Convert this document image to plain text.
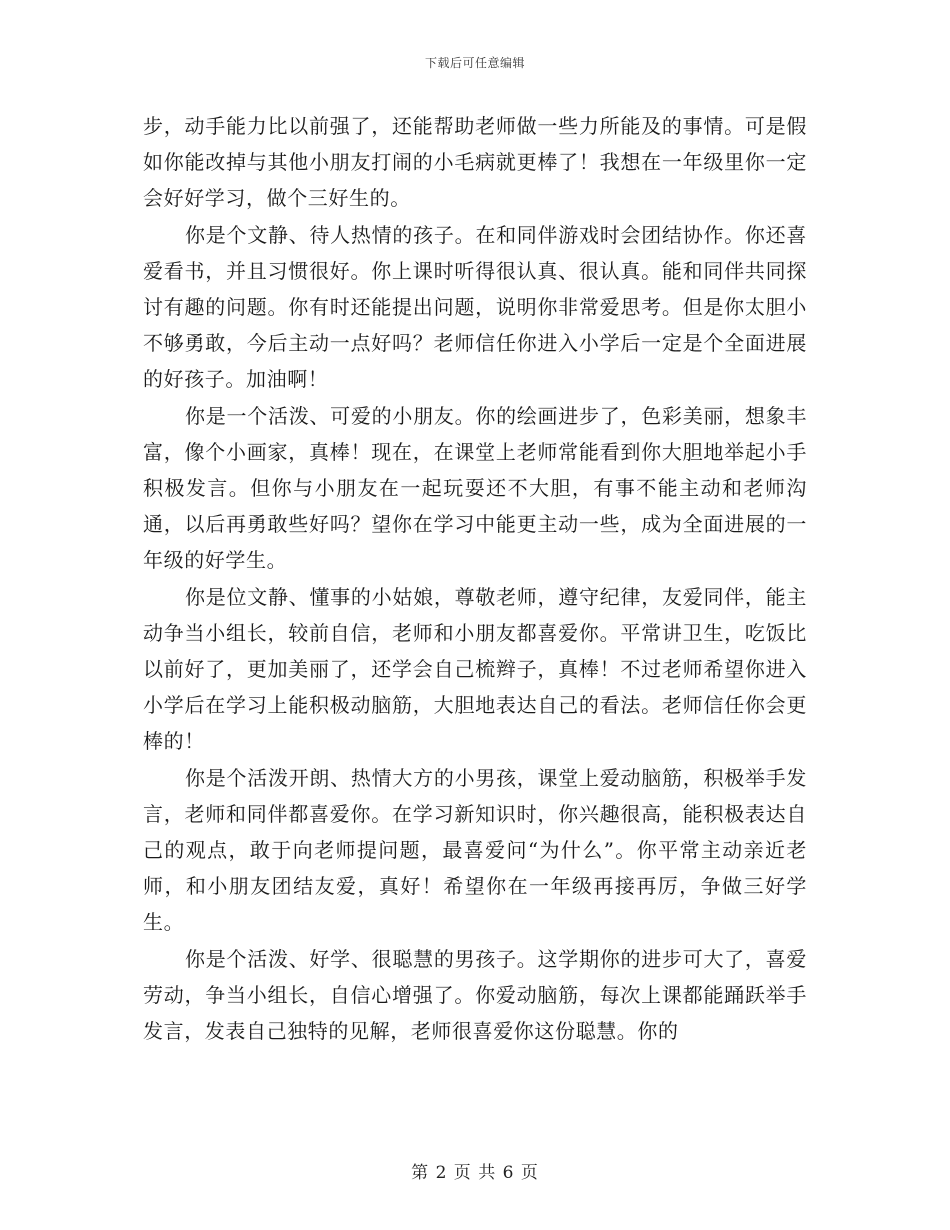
下载后可任意编辑

步，动手能力比以前强了，还能帮助老师做一些力所能及的事情。可是假如你能改掉与其他小朋友打闹的小毛病就更棒了！我想在一年级里你一定会好好学习，做个三好生的。

你是个文静、待人热情的孩子。在和同伴游戏时会团结协作。你还喜爱看书，并且习惯很好。你上课时听得很认真、很认真。能和同伴共同探讨有趣的问题。你有时还能提出问题，说明你非常爱思考。但是你太胆小不够勇敢，今后主动一点好吗？老师信任你进入小学后一定是个全面进展的好孩子。加油啊！

你是一个活泼、可爱的小朋友。你的绘画进步了，色彩美丽，想象丰富，像个小画家，真棒！现在，在课堂上老师常能看到你大胆地举起小手积极发言。但你与小朋友在一起玩耍还不大胆，有事不能主动和老师沟通，以后再勇敢些好吗？望你在学习中能更主动一些，成为全面进展的一年级的好学生。

你是位文静、懂事的小姑娘，尊敬老师，遵守纪律，友爱同伴，能主动争当小组长，较前自信，老师和小朋友都喜爱你。平常讲卫生，吃饭比以前好了，更加美丽了，还学会自己梳辫子，真棒！不过老师希望你进入小学后在学习上能积极动脑筋，大胆地表达自己的看法。老师信任你会更棒的！

你是个活泼开朗、热情大方的小男孩，课堂上爱动脑筋，积极举手发言，老师和同伴都喜爱你。在学习新知识时，你兴趣很高，能积极表达自己的观点，敢于向老师提问题，最喜爱问“为什么”。你平常主动亲近老师，和小朋友团结友爱，真好！希望你在一年级再接再厉，争做三好学生。

你是个活泼、好学、很聪慧的男孩子。这学期你的进步可大了，喜爱劳动，争当小组长，自信心增强了。你爱动脑筋，每次上课都能踊跃举手发言，发表自己独特的见解，老师很喜爱你这份聪慧。你的

第 2 页 共 6 页
